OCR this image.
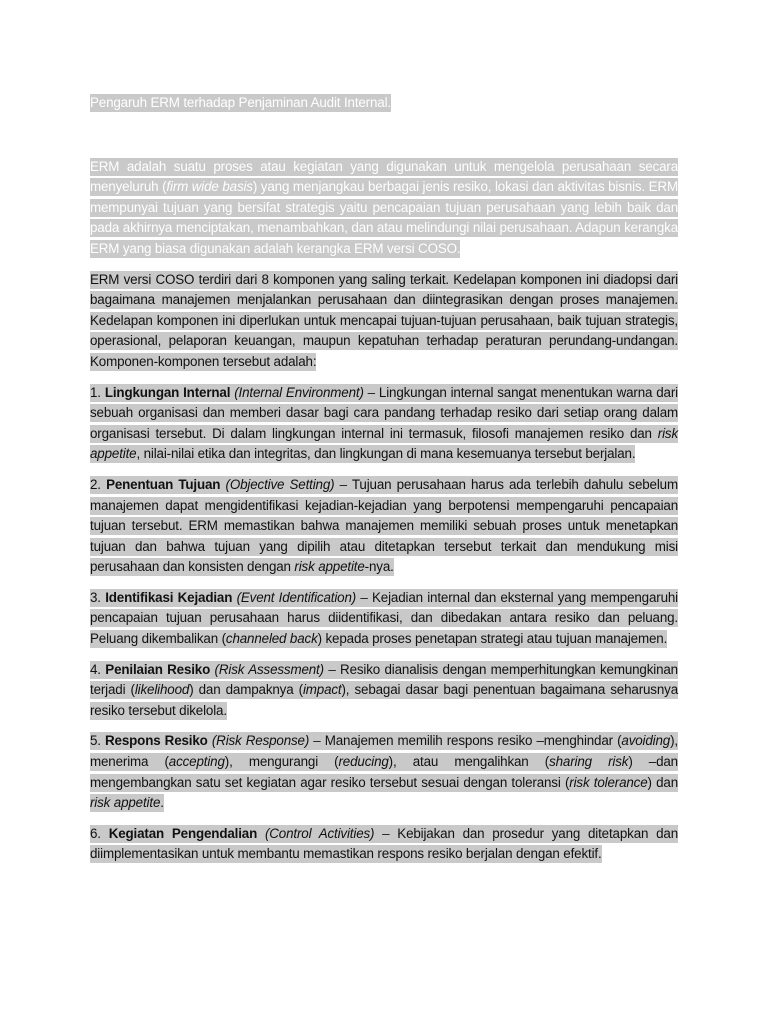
Pengaruh ERM terhadap Penjaminan Audit Internal.

ERM adalah suatu proses atau kegiatan yang digunakan untuk mengelola perusahaan secara menyeluruh (firm wide basis) yang menjangkau berbagai jenis resiko, lokasi dan aktivitas bisnis. ERM mempunyai tujuan yang bersifat strategis yaitu pencapaian tujuan perusahaan yang lebih baik dan pada akhirnya menciptakan, menambahkan, dan atau melindungi nilai perusahaan. Adapun kerangka ERM yang biasa digunakan adalah kerangka ERM versi COSO.

ERM versi COSO terdiri dari 8 komponen yang saling terkait. Kedelapan komponen ini diadopsi dari bagaimana manajemen menjalankan perusahaan dan diintegrasikan dengan proses manajemen. Kedelapan komponen ini diperlukan untuk mencapai tujuan-tujuan perusahaan, baik tujuan strategis, operasional, pelaporan keuangan, maupun kepatuhan terhadap peraturan perundang-undangan. Komponen-komponen tersebut adalah:

1. Lingkungan Internal (Internal Environment) – Lingkungan internal sangat menentukan warna dari sebuah organisasi dan memberi dasar bagi cara pandang terhadap resiko dari setiap orang dalam organisasi tersebut. Di dalam lingkungan internal ini termasuk, filosofi manajemen resiko dan risk appetite, nilai-nilai etika dan integritas, dan lingkungan di mana kesemuanya tersebut berjalan.

2. Penentuan Tujuan (Objective Setting) – Tujuan perusahaan harus ada terlebih dahulu sebelum manajemen dapat mengidentifikasi kejadian-kejadian yang berpotensi mempengaruhi pencapaian tujuan tersebut. ERM memastikan bahwa manajemen memiliki sebuah proses untuk menetapkan tujuan dan bahwa tujuan yang dipilih atau ditetapkan tersebut terkait dan mendukung misi perusahaan dan konsisten dengan risk appetite-nya.

3. Identifikasi Kejadian (Event Identification) – Kejadian internal dan eksternal yang mempengaruhi pencapaian tujuan perusahaan harus diidentifikasi, dan dibedakan antara resiko dan peluang. Peluang dikembalikan (channeled back) kepada proses penetapan strategi atau tujuan manajemen.

4. Penilaian Resiko (Risk Assessment) – Resiko dianalisis dengan memperhitungkan kemungkinan terjadi (likelihood) dan dampaknya (impact), sebagai dasar bagi penentuan bagaimana seharusnya resiko tersebut dikelola.

5. Respons Resiko (Risk Response) – Manajemen memilih respons resiko –menghindar (avoiding), menerima (accepting), mengurangi (reducing), atau mengalihkan (sharing risk) –dan mengembangkan satu set kegiatan agar resiko tersebut sesuai dengan toleransi (risk tolerance) dan risk appetite.

6. Kegiatan Pengendalian (Control Activities) – Kebijakan dan prosedur yang ditetapkan dan diimplementasikan untuk membantu memastikan respons resiko berjalan dengan efektif.
